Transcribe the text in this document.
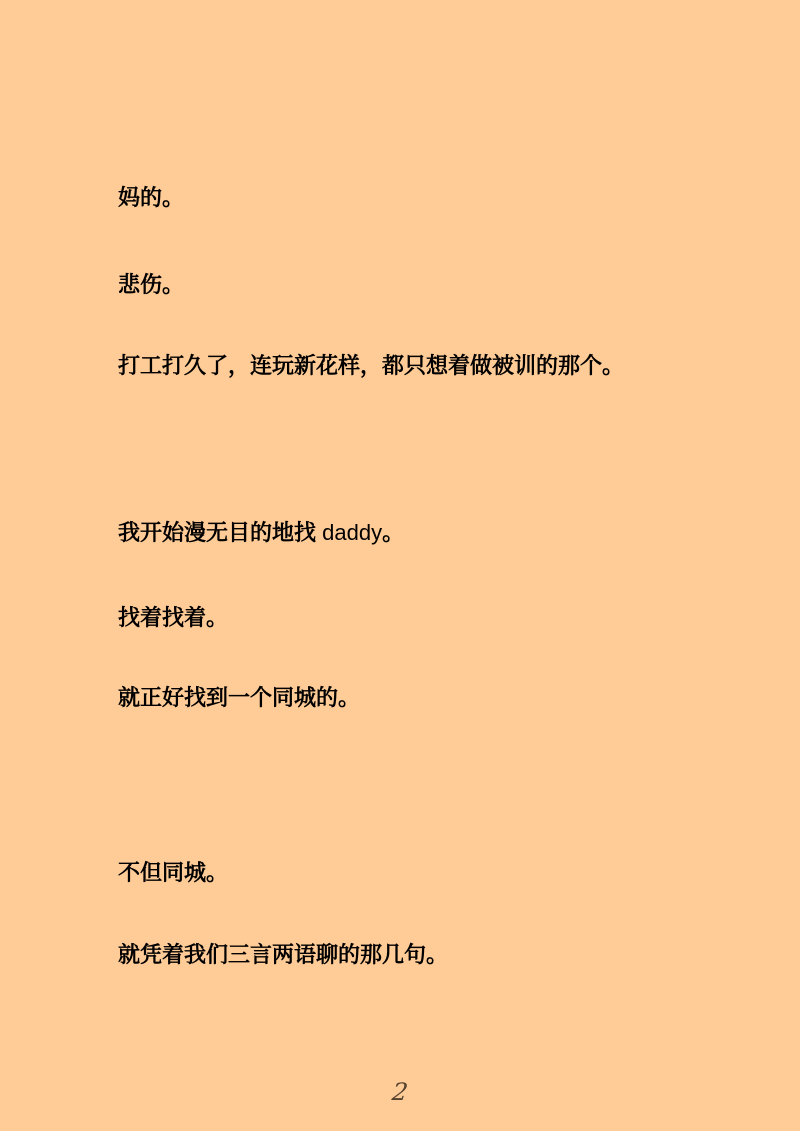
妈的。

悲伤。

打工打久了，连玩新花样，都只想着做被训的那个。

我开始漫无目的地找 daddy。

找着找着。

就正好找到一个同城的。

不但同城。

就凭着我们三言两语聊的那几句。

2
